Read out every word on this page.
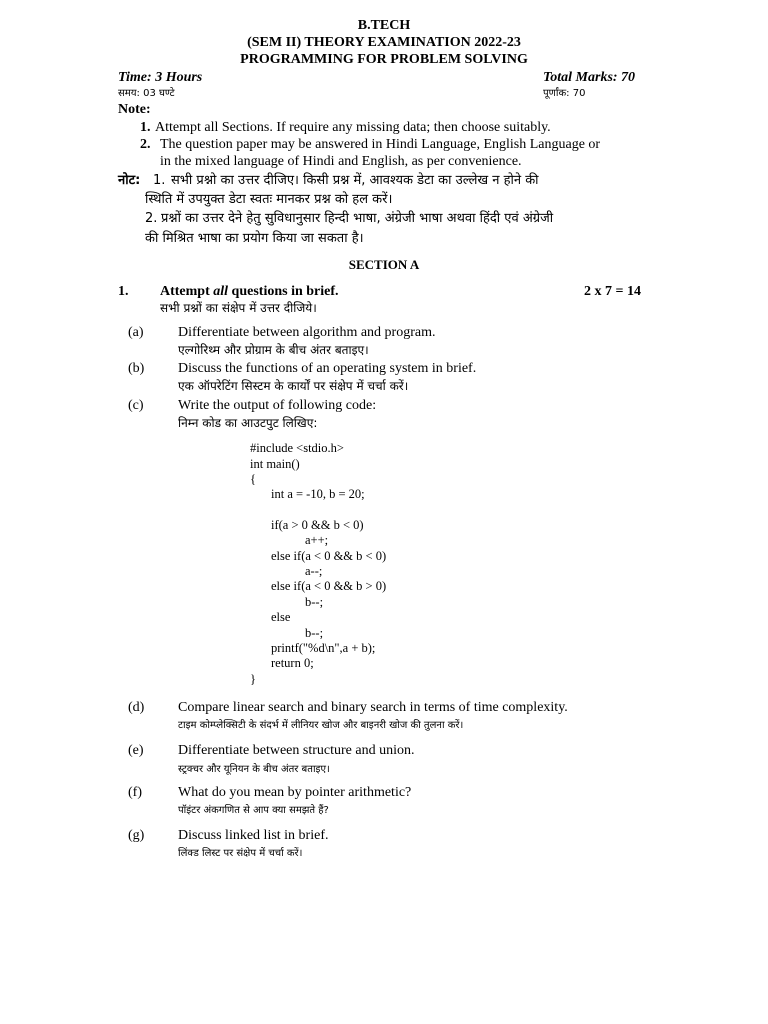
B.TECH
(SEM II) THEORY EXAMINATION 2022-23
PROGRAMMING FOR PROBLEM SOLVING
Time: 3 Hours
समय: 03 घण्टे
Total Marks: 70
पूर्णांक: 70
Note:
1. Attempt all Sections. If require any missing data; then choose suitably.
2. The question paper may be answered in Hindi Language, English Language or
in the mixed language of Hindi and English, as per convenience.
नोट: 1. सभी प्रश्नो का उत्तर दीजिए। किसी प्रश्न में, आवश्यक डेटा का उल्लेख न होने की
स्थिति में उपयुक्त डेटा स्वतः मानकर प्रश्न को हल करें।
2. प्रश्नों का उत्तर देने हेतु सुविधानुसार हिन्दी भाषा, अंग्रेजी भाषा अथवा हिंदी एवं अंग्रेजी
की मिश्रित भाषा का प्रयोग किया जा सकता है।
SECTION A
1. Attempt all questions in brief.	2 x 7 = 14
सभी प्रश्नों का संक्षेप में उत्तर दीजिये।
(a) Differentiate between algorithm and program.
एल्गोरिथ्म और प्रोग्राम के बीच अंतर बताइए।
(b) Discuss the functions of an operating system in brief.
एक ऑपरेटिंग सिस्टम के कार्यों पर संक्षेप में चर्चा करें।
(c) Write the output of following code:
निम्न कोड का आउटपुट लिखिए:
#include <stdio.h>
int main()
{
int a = -10, b = 20;
if(a > 0 && b < 0)
a++;
else if(a < 0 && b < 0)
a--;
else if(a < 0 && b > 0)
b--;
else
b--;
printf("%d\n",a + b);
return 0;
}
(d) Compare linear search and binary search in terms of time complexity.
टाइम कोम्प्लेक्सिटी के संदर्भ में लीनियर खोज और बाइनरी खोज की तुलना करें।
(e) Differentiate between structure and union.
स्ट्रक्चर और यूनियन के बीच अंतर बताइए।
(f)	What do you mean by pointer arithmetic?
पॉइंटर अंकगणित से आप क्या समझते हैं?
(g) Discuss linked list in brief.
लिंक्ड लिस्ट पर संक्षेप में चर्चा करें।
